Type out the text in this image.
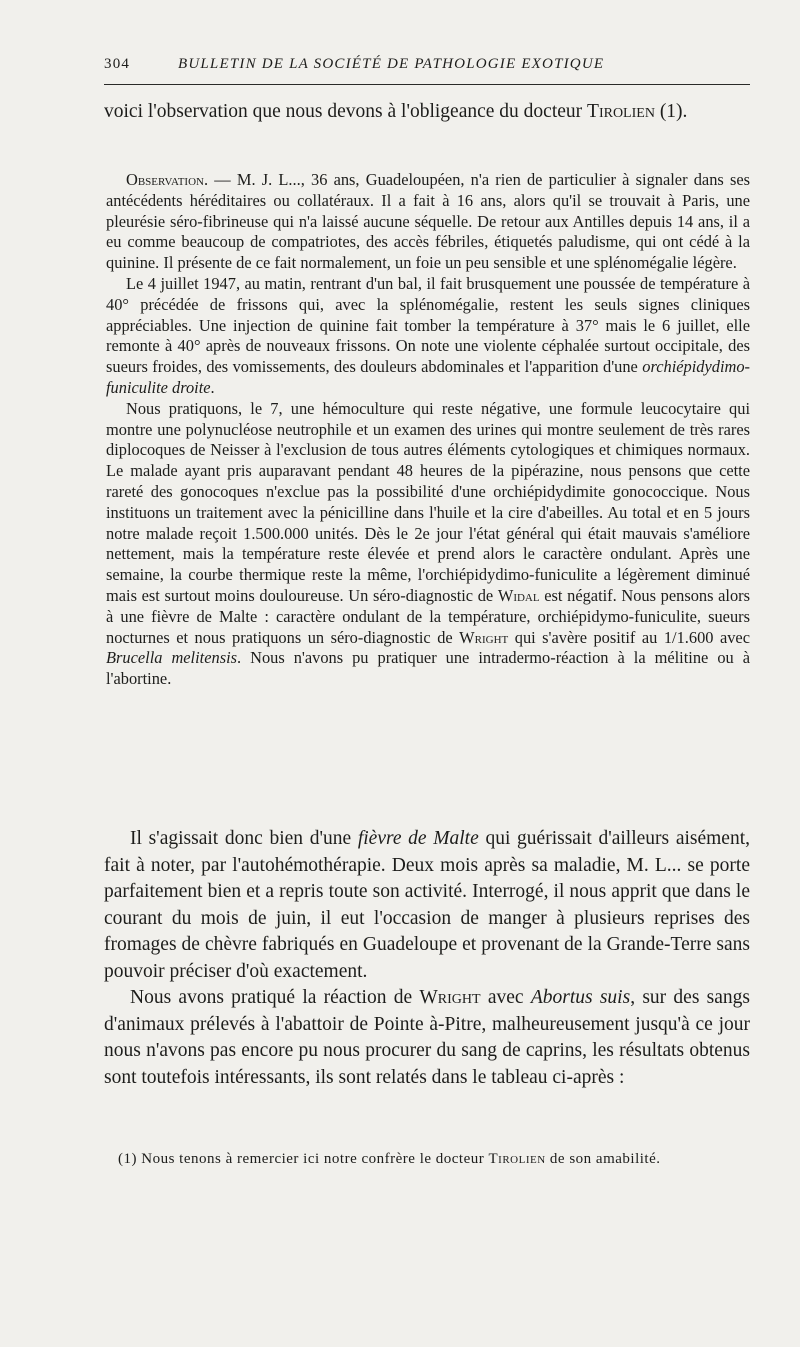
304	BULLETIN DE LA SOCIÉTÉ DE PATHOLOGIE EXOTIQUE
voici l'observation que nous devons à l'obligeance du docteur Tirolien (1).

Observation. — M. J. L..., 36 ans, Guadeloupéen, n'a rien de particulier à signaler dans ses antécédents héréditaires ou collatéraux. Il a fait à 16 ans, alors qu'il se trouvait à Paris, une pleurésie séro-fibrineuse qui n'a laissé aucune séquelle. De retour aux Antilles depuis 14 ans, il a eu comme beaucoup de compatriotes, des accès fébriles, étiquetés paludisme, qui ont cédé à la quinine. Il présente de ce fait normalement, un foie un peu sensible et une splénomégalie légère.

Le 4 juillet 1947, au matin, rentrant d'un bal, il fait brusquement une poussée de température à 40° précédée de frissons qui, avec la splénomégalie, restent les seuls signes cliniques appréciables. Une injection de quinine fait tomber la température à 37° mais le 6 juillet, elle remonte à 40° après de nouveaux frissons. On note une violente céphalée surtout occipitale, des sueurs froides, des vomissements, des douleurs abdominales et l'apparition d'une orchiépidydimo-funiculite droite.

Nous pratiquons, le 7, une hémoculture qui reste négative, une formule leucocytaire qui montre une polynucléose neutrophile et un examen des urines qui montre seulement de très rares diplocoques de Neisser à l'exclusion de tous autres éléments cytologiques et chimiques normaux. Le malade ayant pris auparavant pendant 48 heures de la pipérazine, nous pensons que cette rareté des gonocoques n'exclue pas la possibilité d'une orchiépidydimite gonococcique. Nous instituons un traitement avec la pénicilline dans l'huile et la cire d'abeilles. Au total et en 5 jours notre malade reçoit 1.500.000 unités. Dès le 2e jour l'état général qui était mauvais s'améliore nettement, mais la température reste élevée et prend alors le caractère ondulant. Après une semaine, la courbe thermique reste la même, l'orchiépidydimo-funiculite a légèrement diminué mais est surtout moins douloureuse. Un séro-diagnostic de Widal est négatif. Nous pensons alors à une fièvre de Malte : caractère ondulant de la température, orchiépidymo-funiculite, sueurs nocturnes et nous pratiquons un séro-diagnostic de Wright qui s'avère positif au 1/1.600 avec Brucella melitensis. Nous n'avons pu pratiquer une intradermo-réaction à la mélitine ou à l'abortine.

Il s'agissait donc bien d'une fièvre de Malte qui guérissait d'ailleurs aisément, fait à noter, par l'autohémothérapie. Deux mois après sa maladie, M. L... se porte parfaitement bien et a repris toute son activité. Interrogé, il nous apprit que dans le courant du mois de juin, il eut l'occasion de manger à plusieurs reprises des fromages de chèvre fabriqués en Guadeloupe et provenant de la Grande-Terre sans pouvoir préciser d'où exactement.

Nous avons pratiqué la réaction de Wright avec Abortus suis, sur des sangs d'animaux prélevés à l'abattoir de Pointe à-Pitre, malheureusement jusqu'à ce jour nous n'avons pas encore pu nous procurer du sang de caprins, les résultats obtenus sont toutefois intéressants, ils sont relatés dans le tableau ci-après :

(1) Nous tenons à remercier ici notre confrère le docteur Tirolien de son amabilité.
